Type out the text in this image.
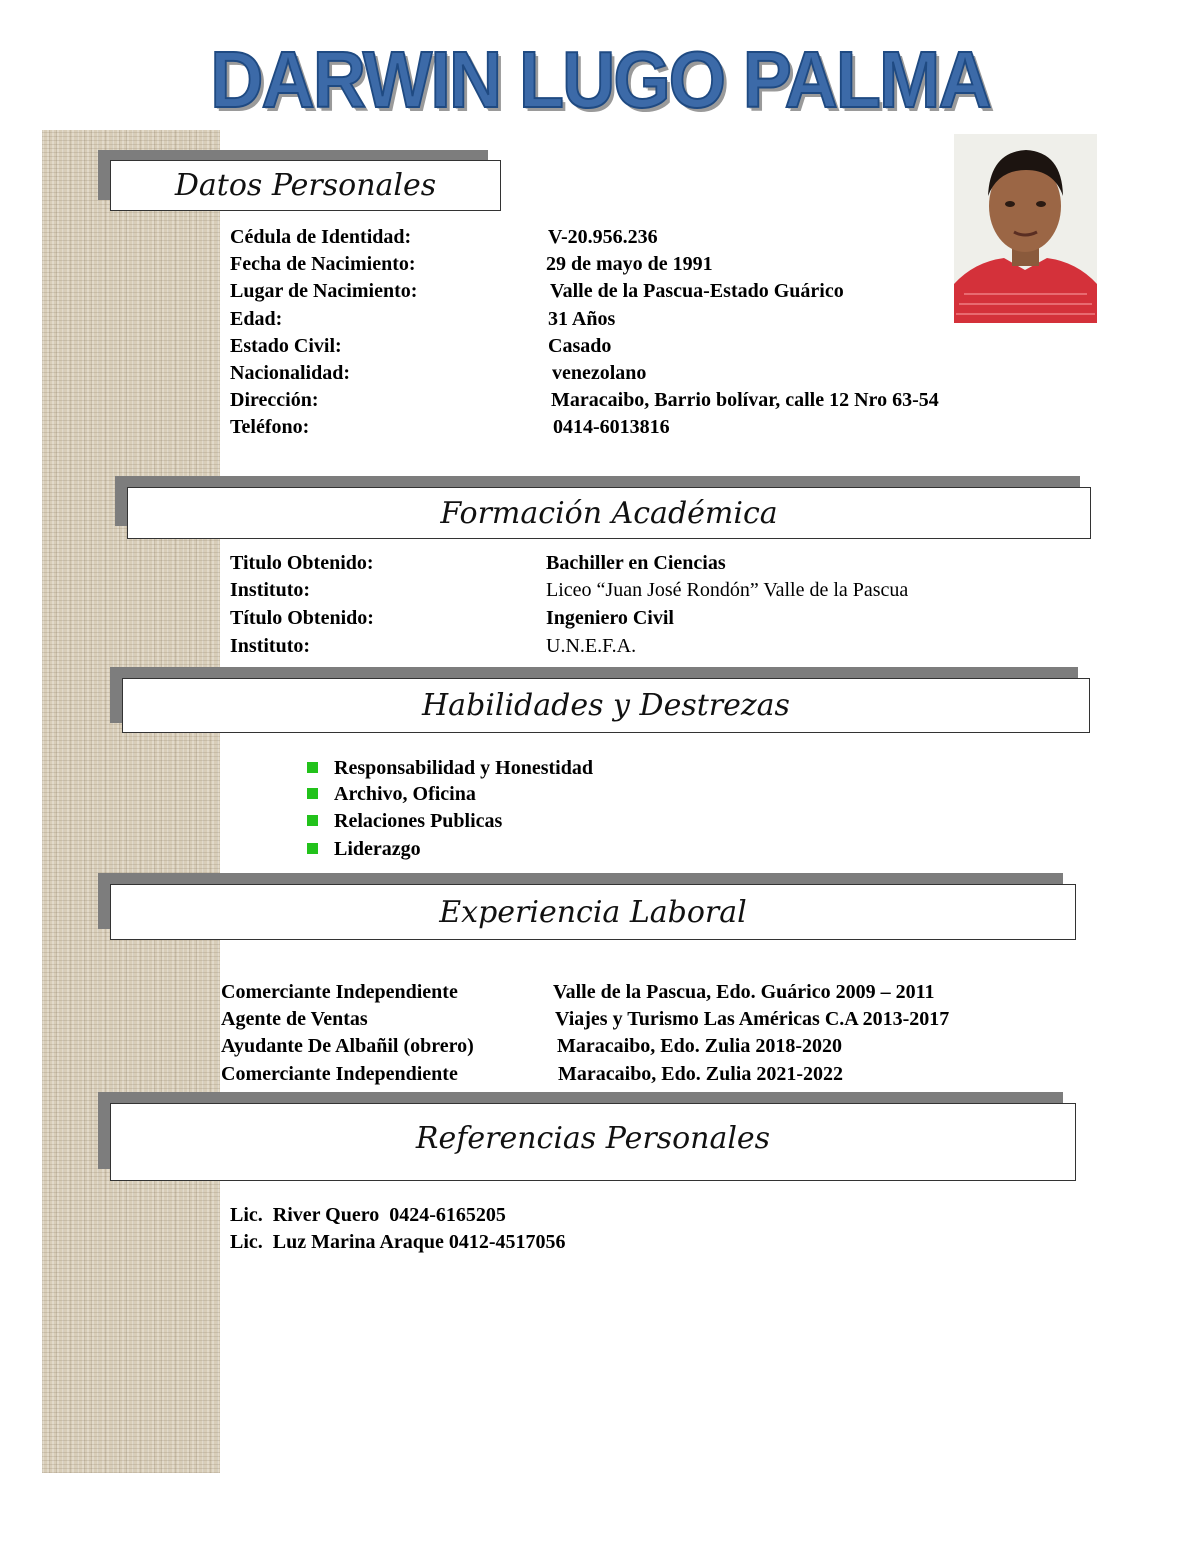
DARWIN LUGO PALMA
Datos Personales
Cédula de Identidad:	V-20.956.236
Fecha de Nacimiento:	29 de mayo de 1991
Lugar de Nacimiento:	Valle de la Pascua-Estado Guárico
Edad:	31 Años
Estado Civil:	Casado
Nacionalidad:	venezolano
Dirección:	Maracaibo, Barrio bolívar, calle 12 Nro 63-54
Teléfono:	0414-6013816
Formación Académica
Titulo Obtenido:	Bachiller en Ciencias
Instituto:	Liceo “Juan José Rondón” Valle de la Pascua
Título Obtenido:	Ingeniero Civil
Instituto:	U.N.E.F.A.
Habilidades y Destrezas
Responsabilidad y Honestidad
Archivo, Oficina
Relaciones Publicas
Liderazgo
Experiencia Laboral
Comerciante Independiente	Valle de la Pascua, Edo. Guárico 2009 – 2011
Agente de Ventas	Viajes y Turismo Las Américas C.A 2013-2017
Ayudante De Albañil (obrero)	Maracaibo, Edo. Zulia 2018-2020
Comerciante Independiente	Maracaibo, Edo. Zulia 2021-2022
Referencias Personales
Lic.  River Quero  0424-6165205
Lic.  Luz Marina Araque 0412-4517056
